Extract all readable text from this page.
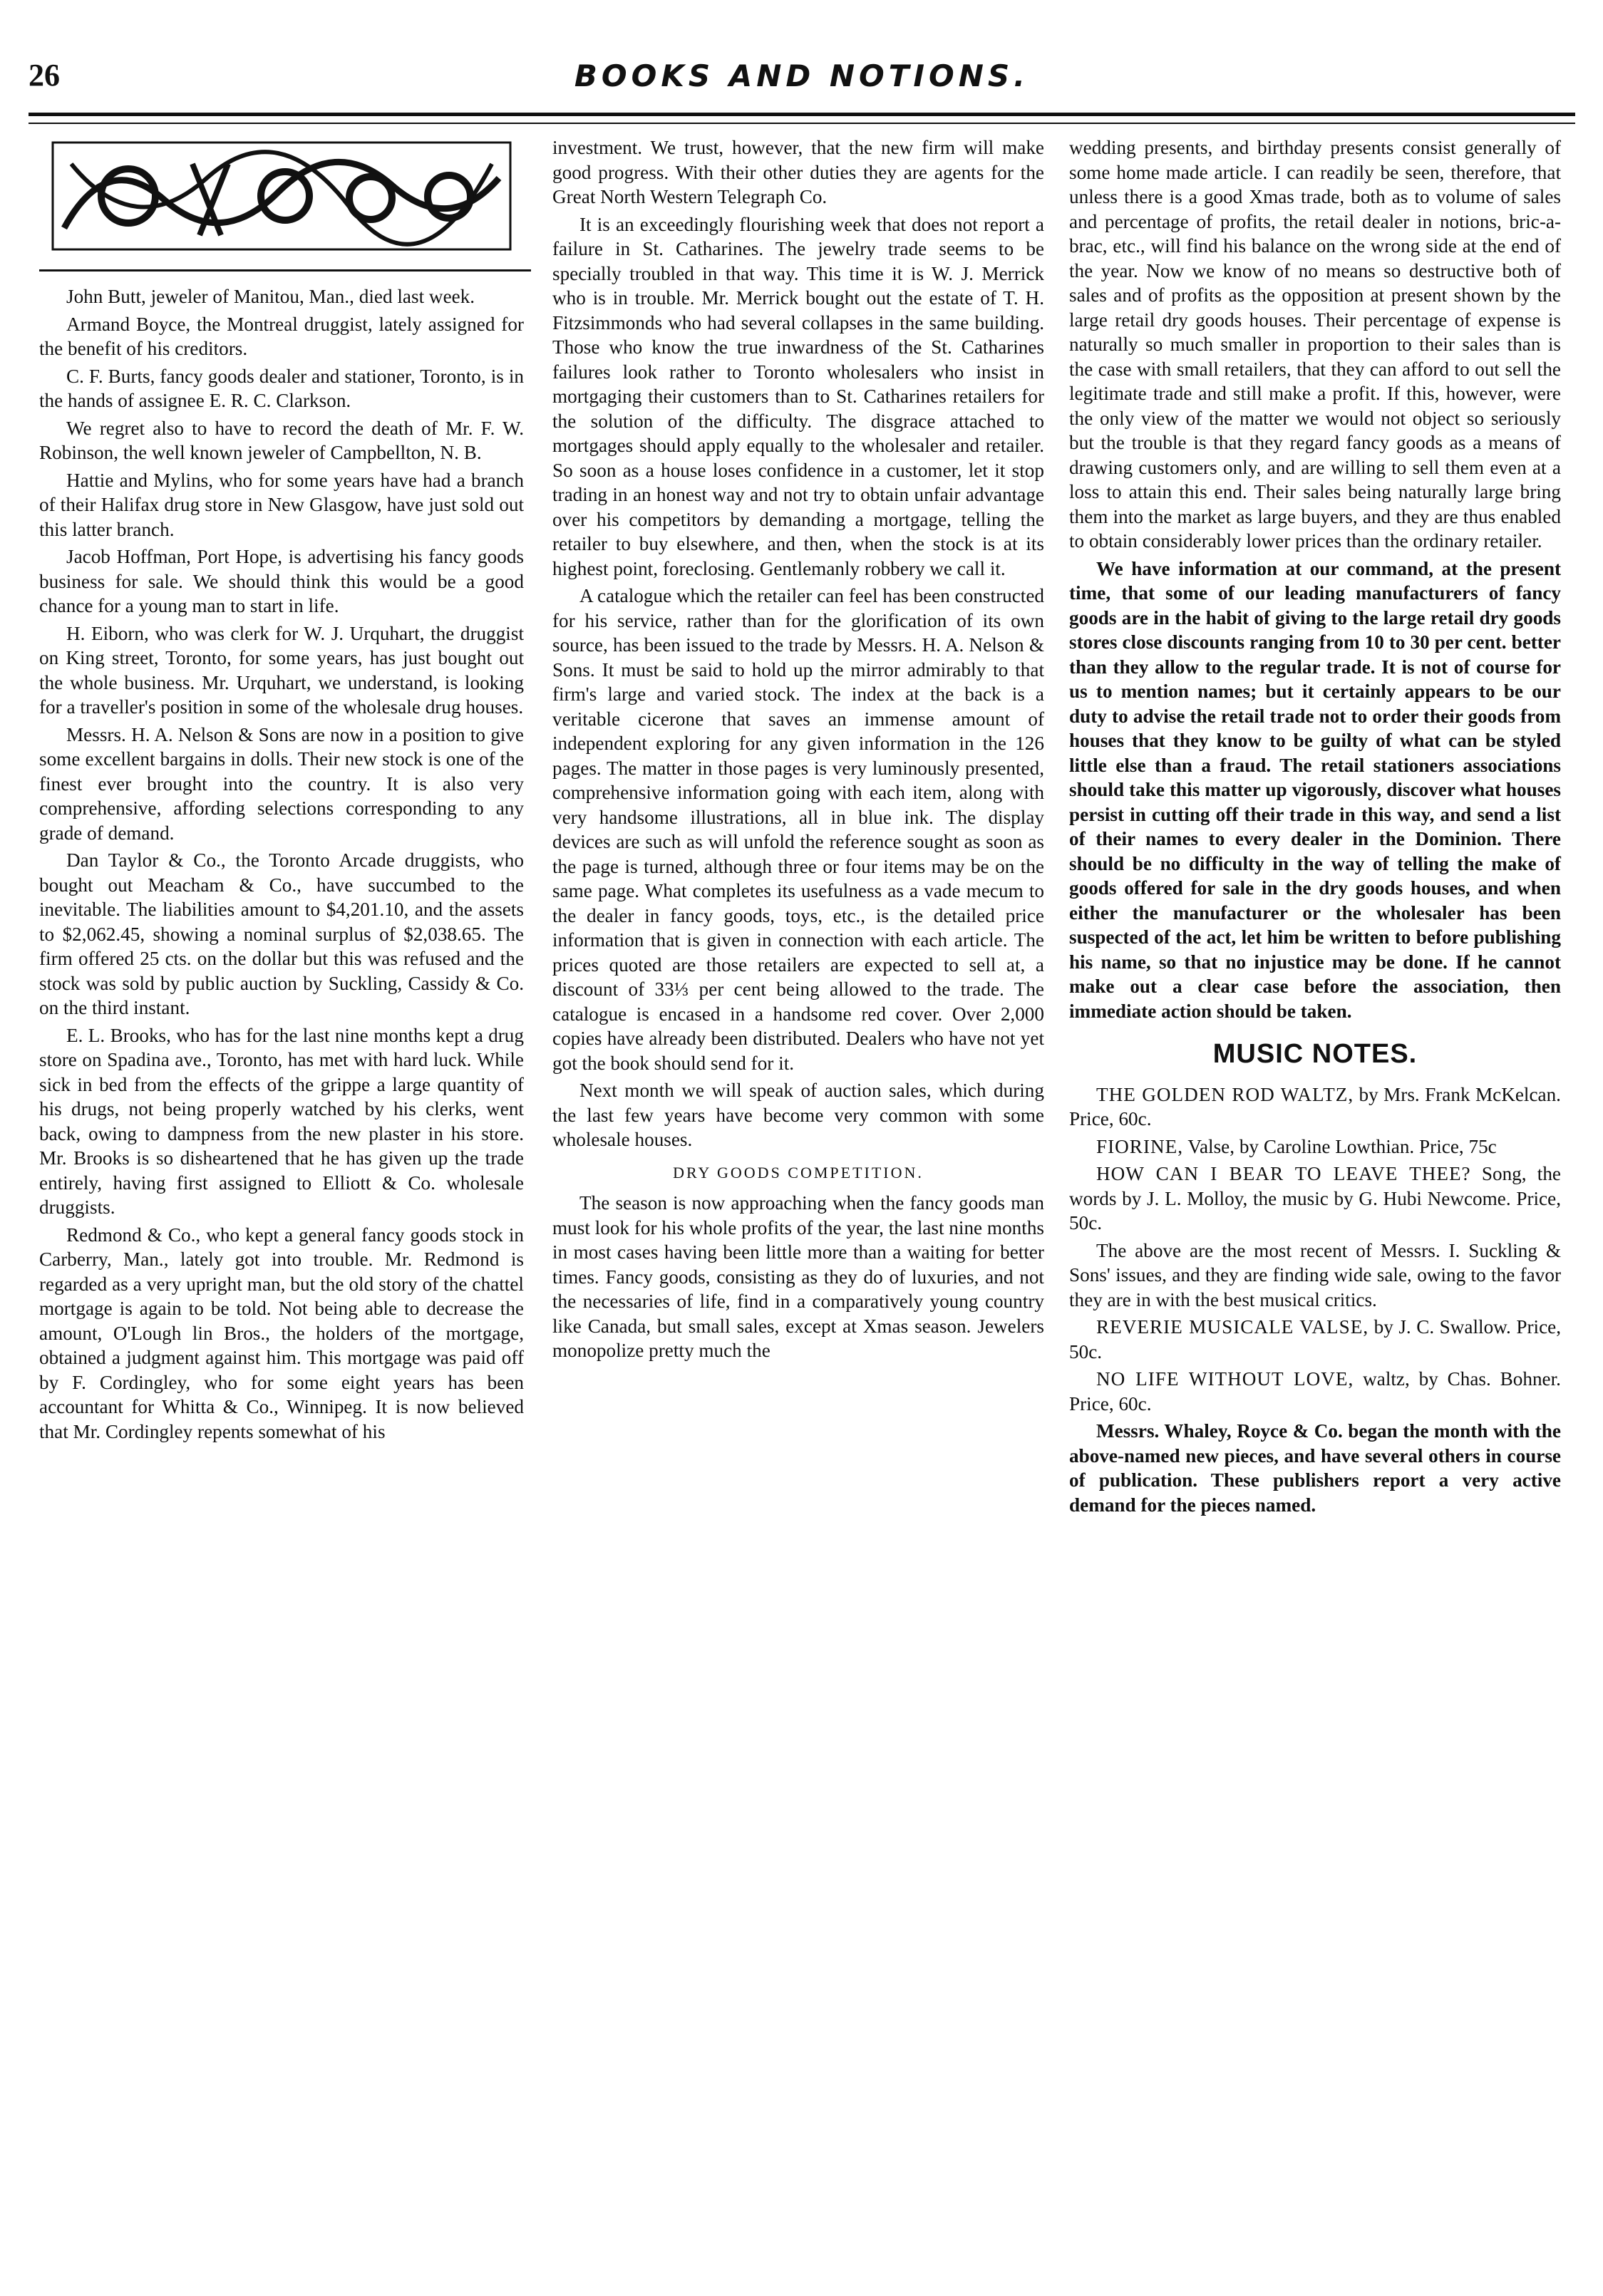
26	BOOKS AND NOTIONS.

John Butt, jeweler of Manitou, Man., died last week.

Armand Boyce, the Montreal druggist, lately assigned for the benefit of his creditors.

C. F. Burts, fancy goods dealer and stationer, Toronto, is in the hands of assignee E. R. C. Clarkson.

We regret also to have to record the death of Mr. F. W. Robinson, the well known jeweler of Campbellton, N. B.

Hattie and Mylins, who for some years have had a branch of their Halifax drug store in New Glasgow, have just sold out this latter branch.

Jacob Hoffman, Port Hope, is advertising his fancy goods business for sale. We should think this would be a good chance for a young man to start in life.

H. Eiborn, who was clerk for W. J. Urquhart, the druggist on King street, Toronto, for some years, has just bought out the whole business. Mr. Urquhart, we understand, is looking for a traveller's position in some of the wholesale drug houses.

Messrs. H. A. Nelson & Sons are now in a position to give some excellent bargains in dolls. Their new stock is one of the finest ever brought into the country. It is also very comprehensive, affording selections corresponding to any grade of demand.

Dan Taylor & Co., the Toronto Arcade druggists, who bought out Meacham & Co., have succumbed to the inevitable. The liabilities amount to $4,201.10, and the assets to $2,062.45, showing a nominal surplus of $2,038.65. The firm offered 25 cts. on the dollar but this was refused and the stock was sold by public auction by Suckling, Cassidy & Co. on the third instant.

E. L. Brooks, who has for the last nine months kept a drug store on Spadina ave., Toronto, has met with hard luck. While sick in bed from the effects of the grippe a large quantity of his drugs, not being properly watched by his clerks, went back, owing to dampness from the new plaster in his store. Mr. Brooks is so disheartened that he has given up the trade entirely, having first assigned to Elliott & Co. wholesale druggists.

Redmond & Co., who kept a general fancy goods stock in Carberry, Man., lately got into trouble. Mr. Redmond is regarded as a very upright man, but the old story of the chattel mortgage is again to be told. Not being able to decrease the amount, O'Lough lin Bros., the holders of the mortgage, obtained a judgment against him. This mortgage was paid off by F. Cordingley, who for some eight years has been accountant for Whitta & Co., Winnipeg. It is now believed that Mr. Cordingley repents somewhat of his

investment. We trust, however, that the new firm will make good progress. With their other duties they are agents for the Great North Western Telegraph Co.

It is an exceedingly flourishing week that does not report a failure in St. Catharines. The jewelry trade seems to be specially troubled in that way. This time it is W. J. Merrick who is in trouble. Mr. Merrick bought out the estate of T. H. Fitzsimmonds who had several collapses in the same building. Those who know the true inwardness of the St. Catharines failures look rather to Toronto wholesalers who insist in mortgaging their customers than to St. Catharines retailers for the solution of the difficulty. The disgrace attached to mortgages should apply equally to the wholesaler and retailer. So soon as a house loses confidence in a customer, let it stop trading in an honest way and not try to obtain unfair advantage over his competitors by demanding a mortgage, telling the retailer to buy elsewhere, and then, when the stock is at its highest point, foreclosing. Gentlemanly robbery we call it.

A catalogue which the retailer can feel has been constructed for his service, rather than for the glorification of its own source, has been issued to the trade by Messrs. H. A. Nelson & Sons. It must be said to hold up the mirror admirably to that firm's large and varied stock. The index at the back is a veritable cicerone that saves an immense amount of independent exploring for any given information in the 126 pages. The matter in those pages is very luminously presented, comprehensive information going with each item, along with very handsome illustrations, all in blue ink. The display devices are such as will unfold the reference sought as soon as the page is turned, although three or four items may be on the same page. What completes its usefulness as a vade mecum to the dealer in fancy goods, toys, etc., is the detailed price information that is given in connection with each article. The prices quoted are those retailers are expected to sell at, a discount of 33⅓ per cent being allowed to the trade. The catalogue is encased in a handsome red cover. Over 2,000 copies have already been distributed. Dealers who have not yet got the book should send for it.

Next month we will speak of auction sales, which during the last few years have become very common with some wholesale houses.

DRY GOODS COMPETITION.

The season is now approaching when the fancy goods man must look for his whole profits of the year, the last nine months in most cases having been little more than a waiting for better times. Fancy goods, consisting as they do of luxuries, and not the necessaries of life, find in a comparatively young country like Canada, but small sales, except at Xmas season. Jewelers monopolize pretty much the

wedding presents, and birthday presents consist generally of some home made article. I can readily be seen, therefore, that unless there is a good Xmas trade, both as to volume of sales and percentage of profits, the retail dealer in notions, bric-a-brac, etc., will find his balance on the wrong side at the end of the year. Now we know of no means so destructive both of sales and of profits as the opposition at present shown by the large retail dry goods houses. Their percentage of expense is naturally so much smaller in proportion to their sales than is the case with small retailers, that they can afford to out sell the legitimate trade and still make a profit. If this, however, were the only view of the matter we would not object so seriously but the trouble is that they regard fancy goods as a means of drawing customers only, and are willing to sell them even at a loss to attain this end. Their sales being naturally large bring them into the market as large buyers, and they are thus enabled to obtain considerably lower prices than the ordinary retailer.

We have information at our command, at the present time, that some of our leading manufacturers of fancy goods are in the habit of giving to the large retail dry goods stores close discounts ranging from 10 to 30 per cent. better than they allow to the regular trade. It is not of course for us to mention names; but it certainly appears to be our duty to advise the retail trade not to order their goods from houses that they know to be guilty of what can be styled little else than a fraud. The retail stationers associations should take this matter up vigorously, discover what houses persist in cutting off their trade in this way, and send a list of their names to every dealer in the Dominion. There should be no difficulty in the way of telling the make of goods offered for sale in the dry goods houses, and when either the manufacturer or the wholesaler has been suspected of the act, let him be written to before publishing his name, so that no injustice may be done. If he cannot make out a clear case before the association, then immediate action should be taken.

MUSIC NOTES.

THE GOLDEN ROD WALTZ, by Mrs. Frank McKelcan. Price, 60c.

FIORINE, Valse, by Caroline Lowthian. Price, 75c

HOW CAN I BEAR TO LEAVE THEE? Song, the words by J. L. Molloy, the music by G. Hubi Newcome. Price, 50c.

The above are the most recent of Messrs. I. Suckling & Sons' issues, and they are finding wide sale, owing to the favor they are in with the best musical critics.

REVERIE MUSICALE VALSE, by J. C. Swallow. Price, 50c.

NO LIFE WITHOUT LOVE, waltz, by Chas. Bohner. Price, 60c.

Messrs. Whaley, Royce & Co. began the month with the above-named new pieces, and have several others in course of publication. These publishers report a very active demand for the pieces named.
